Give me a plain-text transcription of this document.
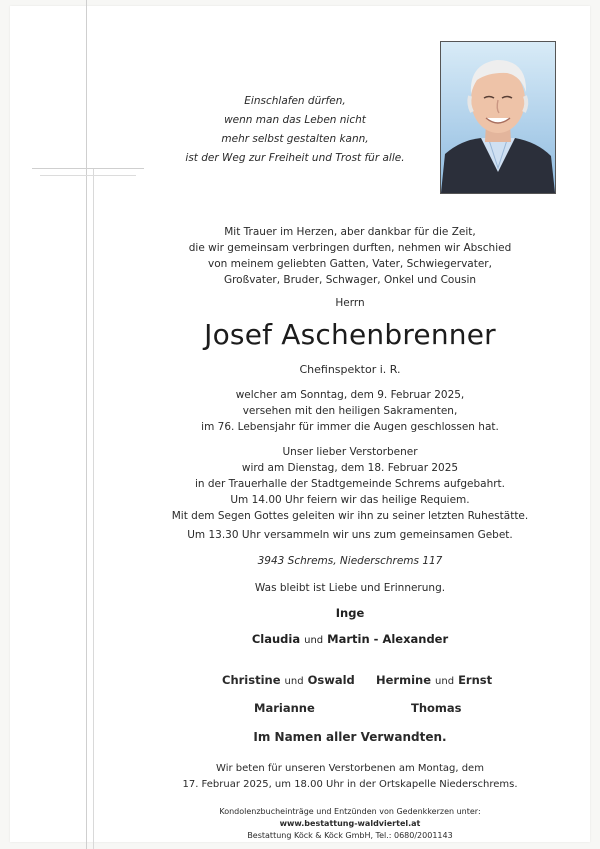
Einschlafen dürfen,
wenn man das Leben nicht
mehr selbst gestalten kann,
ist der Weg zur Freiheit und Trost für alle.
Mit Trauer im Herzen, aber dankbar für die Zeit,
die wir gemeinsam verbringen durften, nehmen wir Abschied
von meinem geliebten Gatten, Vater, Schwiegervater,
Großvater, Bruder, Schwager, Onkel und Cousin
Herrn
Josef Aschenbrenner
Chefinspektor i. R.
welcher am Sonntag, dem 9. Februar 2025,
versehen mit den heiligen Sakramenten,
im 76. Lebensjahr für immer die Augen geschlossen hat.
Unser lieber Verstorbener
wird am Dienstag, dem 18. Februar 2025
in der Trauerhalle der Stadtgemeinde Schrems aufgebahrt.
Um 14.00 Uhr feiern wir das heilige Requiem.
Mit dem Segen Gottes geleiten wir ihn zu seiner letzten Ruhestätte.
Um 13.30 Uhr versammeln wir uns zum gemeinsamen Gebet.
3943 Schrems, Niederschrems 117
Was bleibt ist Liebe und Erinnerung.
Inge
Claudia und Martin - Alexander
Christine und Oswald Hermine und Ernst
Marianne	Thomas
Im Namen aller Verwandten.
Wir beten für unseren Verstorbenen am Montag, dem
17. Februar 2025, um 18.00 Uhr in der Ortskapelle Niederschrems.
Kondolenzbucheinträge und Entzünden von Gedenkkerzen unter:
www.bestattung-waldviertel.at
Bestattung Köck & Köck GmbH, Tel.: 0680/2001143
